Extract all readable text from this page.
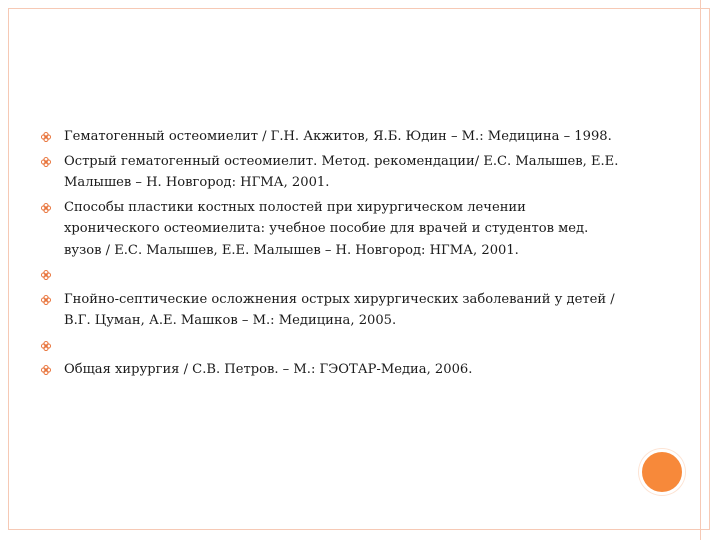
Гематогенный остеомиелит / Г.Н. Акжитов, Я.Б. Юдин – М.: Медицина – 1998.
Острый гематогенный остеомиелит. Метод. рекомендации/ Е.С. Малышев, Е.Е. Малышев – Н. Новгород: НГМА, 2001.
Способы пластики костных полостей при хирургическом лечении хронического остеомиелита: учебное пособие для врачей и студентов мед. вузов / Е.С. Малышев, Е.Е. Малышев – Н. Новгород: НГМА, 2001.
Гнойно-септические осложнения острых хирургических заболеваний у детей / В.Г. Цуман, А.Е. Машков – М.: Медицина, 2005.
Общая хирургия / С.В. Петров. – М.: ГЭОТАР-Медиа, 2006.
